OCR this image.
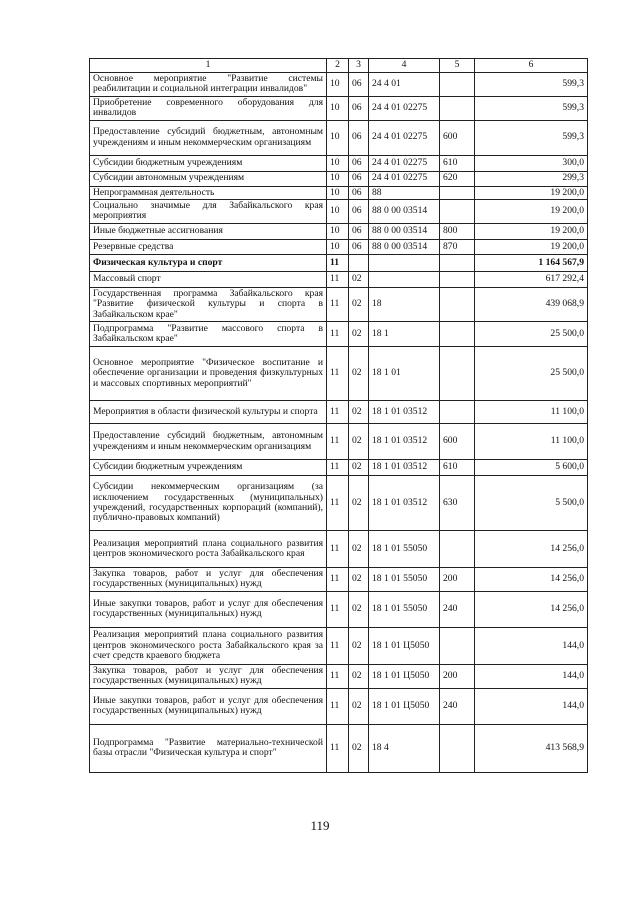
1	2	3	4	5	6
Основное мероприятие "Развитие системы реабилитации и социальной интеграции инвалидов"	10	06	24 4 01		599,3
Приобретение современного оборудования для инвалидов	10	06	24 4 01 02275		599,3
Предоставление субсидий бюджетным, автономным учреждениям и иным некоммерческим организациям	10	06	24 4 01 02275	600	599,3
Субсидии бюджетным учреждениям	10	06	24 4 01 02275	610	300,0
Субсидии автономным учреждениям	10	06	24 4 01 02275	620	299,3
Непрограммная деятельность	10	06	88		19 200,0
Социально значимые для Забайкальского края мероприятия	10	06	88 0 00 03514		19 200,0
Иные бюджетные ассигнования	10	06	88 0 00 03514	800	19 200,0
Резервные средства	10	06	88 0 00 03514	870	19 200,0
Физическая культура и спорт	11				1 164 567,9
Массовый спорт	11	02			617 292,4
Государственная программа Забайкальского края "Развитие физической культуры и спорта в Забайкальском крае"	11	02	18		439 068,9
Подпрограмма "Развитие массового спорта в Забайкальском крае"	11	02	18 1		25 500,0
Основное мероприятие "Физическое воспитание и обеспечение организации и проведения физкультурных и массовых спортивных мероприятий"	11	02	18 1 01		25 500,0
Мероприятия в области физической культуры и спорта	11	02	18 1 01 03512		11 100,0
Предоставление субсидий бюджетным, автономным учреждениям и иным некоммерческим организациям	11	02	18 1 01 03512	600	11 100,0
Субсидии бюджетным учреждениям	11	02	18 1 01 03512	610	5 600,0
Субсидии некоммерческим организациям (за исключением государственных (муниципальных) учреждений, государственных корпораций (компаний), публично-правовых компаний)	11	02	18 1 01 03512	630	5 500,0
Реализация мероприятий плана социального развития центров экономического роста Забайкальского края	11	02	18 1 01 55050		14 256,0
Закупка товаров, работ и услуг для обеспечения государственных (муниципальных) нужд	11	02	18 1 01 55050	200	14 256,0
Иные закупки товаров, работ и услуг для обеспечения государственных (муниципальных) нужд	11	02	18 1 01 55050	240	14 256,0
Реализация мероприятий плана социального развития центров экономического роста Забайкальского края за счет средств краевого бюджета	11	02	18 1 01 Ц5050		144,0
Закупка товаров, работ и услуг для обеспечения государственных (муниципальных) нужд	11	02	18 1 01 Ц5050	200	144,0
Иные закупки товаров, работ и услуг для обеспечения государственных (муниципальных) нужд	11	02	18 1 01 Ц5050	240	144,0
Подпрограмма "Развитие материально-технической базы отрасли "Физическая культура и спорт"	11	02	18 4		413 568,9
119
